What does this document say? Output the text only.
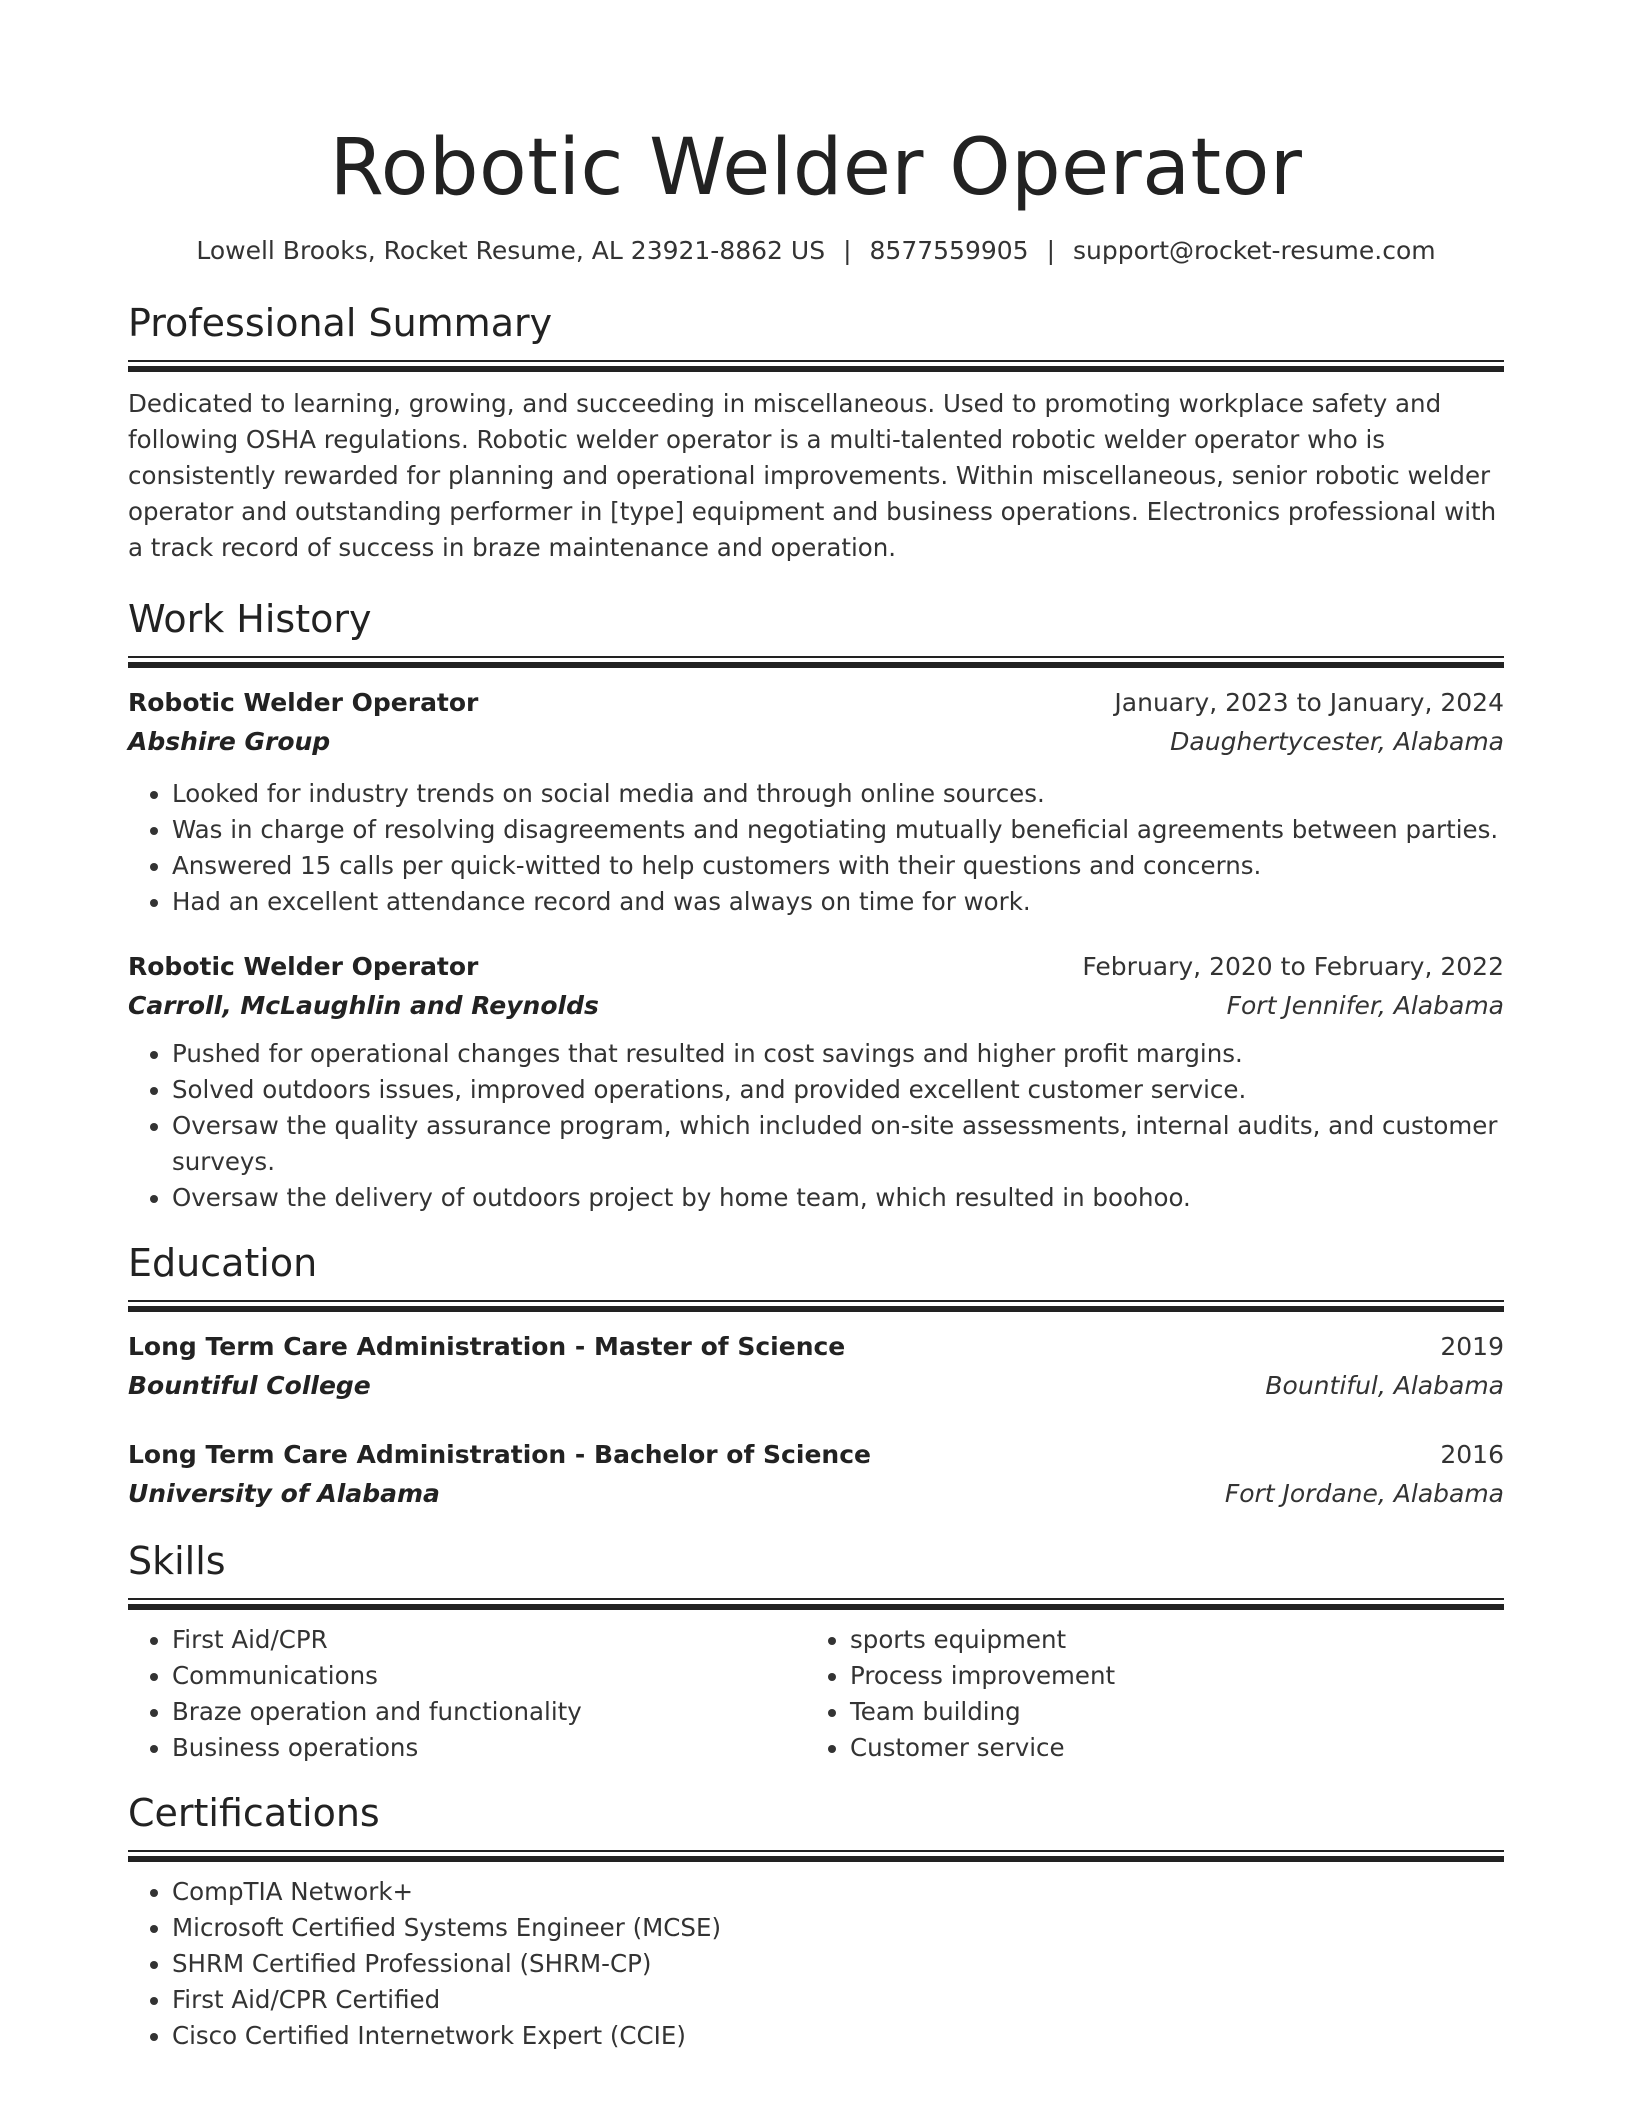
Robotic Welder Operator
Lowell Brooks, Rocket Resume, AL 23921-8862 US | 8577559905 | support@rocket-resume.com
Professional Summary

Dedicated to learning, growing, and succeeding in miscellaneous. Used to promoting workplace safety and following OSHA regulations. Robotic welder operator is a multi-talented robotic welder operator who is consistently rewarded for planning and operational improvements. Within miscellaneous, senior robotic welder operator and outstanding performer in [type] equipment and business operations. Electronics professional with a track record of success in braze maintenance and operation.

Work History
Robotic Welder Operator	January, 2023 to January, 2024
Abshire Group	Daughertycester, Alabama
• Looked for industry trends on social media and through online sources.
• Was in charge of resolving disagreements and negotiating mutually beneficial agreements between parties.
• Answered 15 calls per quick-witted to help customers with their questions and concerns.
• Had an excellent attendance record and was always on time for work.
Robotic Welder Operator	February, 2020 to February, 2022
Carroll, McLaughlin and Reynolds	Fort Jennifer, Alabama
• Pushed for operational changes that resulted in cost savings and higher profit margins.
• Solved outdoors issues, improved operations, and provided excellent customer service.
• Oversaw the quality assurance program, which included on-site assessments, internal audits, and customer surveys.
• Oversaw the delivery of outdoors project by home team, which resulted in boohoo.
Education
Long Term Care Administration - Master of Science	2019
Bountiful College	Bountiful, Alabama
Long Term Care Administration - Bachelor of Science	2016
University of Alabama	Fort Jordane, Alabama
Skills
• First Aid/CPR
• Communications
• Braze operation and functionality
• Business operations
• sports equipment
• Process improvement
• Team building
• Customer service
Certifications
• CompTIA Network+
• Microsoft Certified Systems Engineer (MCSE)
• SHRM Certified Professional (SHRM-CP)
• First Aid/CPR Certified
• Cisco Certified Internetwork Expert (CCIE)
